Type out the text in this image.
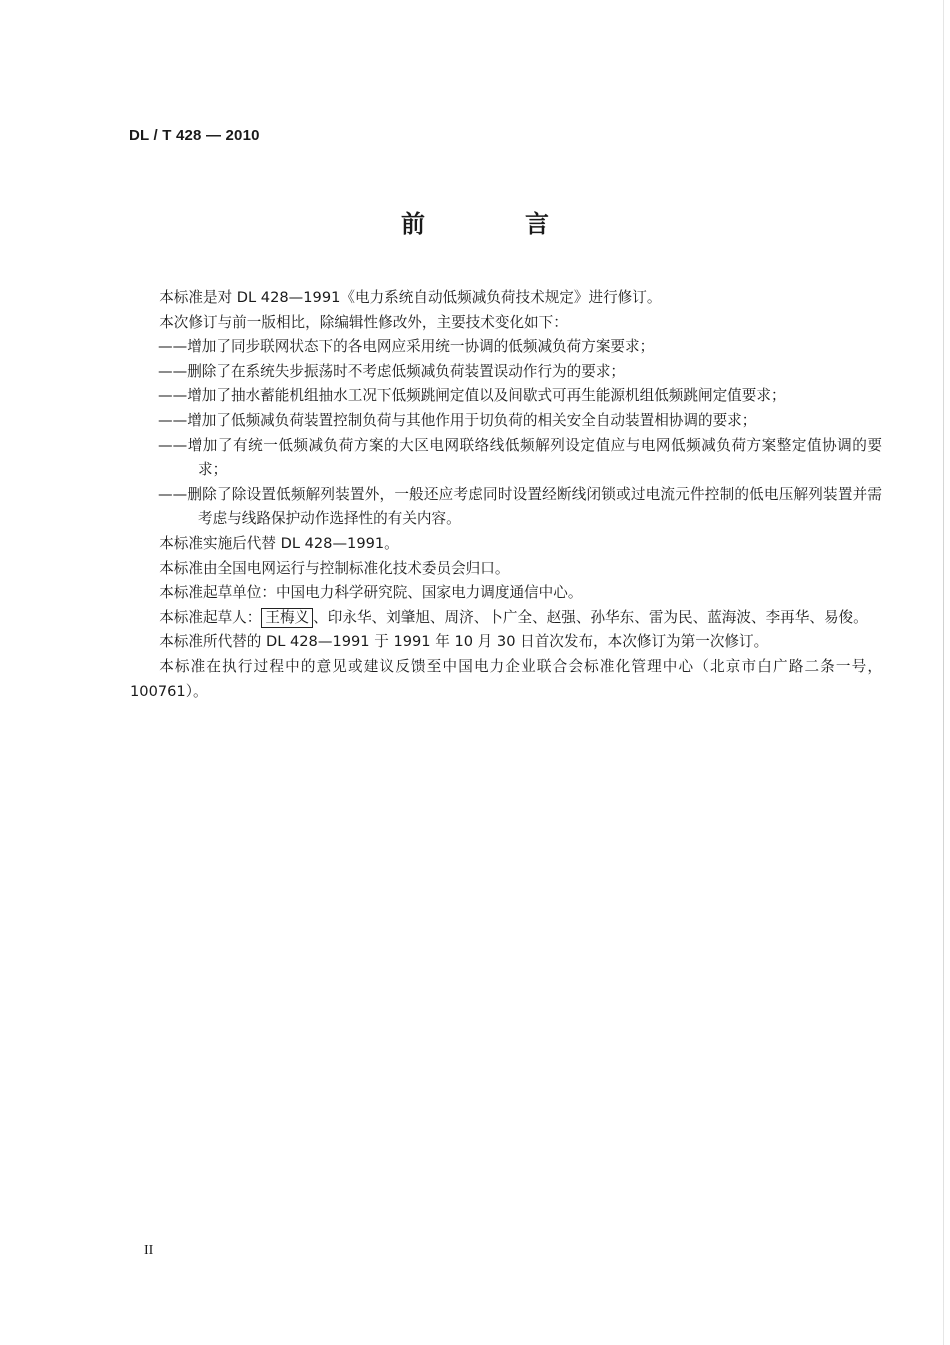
DL / T 428 — 2010
前　言

本标准是对 DL 428—1991《电力系统自动低频减负荷技术规定》进行修订。

本次修订与前一版相比，除编辑性修改外，主要技术变化如下：

——增加了同步联网状态下的各电网应采用统一协调的低频减负荷方案要求；

——删除了在系统失步振荡时不考虑低频减负荷装置误动作行为的要求；

——增加了抽水蓄能机组抽水工况下低频跳闸定值以及间歇式可再生能源机组低频跳闸定值要求；

——增加了低频减负荷装置控制负荷与其他作用于切负荷的相关安全自动装置相协调的要求；

——增加了有统一低频减负荷方案的大区电网联络线低频解列设定值应与电网低频减负荷方案整定值协调的要求；

——删除了除设置低频解列装置外，一般还应考虑同时设置经断线闭锁或过电流元件控制的低电压解列装置并需考虑与线路保护动作选择性的有关内容。

本标准实施后代替 DL 428—1991。

本标准由全国电网运行与控制标准化技术委员会归口。

本标准起草单位：中国电力科学研究院、国家电力调度通信中心。

本标准起草人： 王梅义 、印永华、刘肇旭、周济、卜广全、赵强、孙华东、雷为民、蓝海波、李再华、易俊。

本标准所代替的 DL 428—1991 于 1991 年 10 月 30 日首次发布，本次修订为第一次修订。

本标准在执行过程中的意见或建议反馈至中国电力企业联合会标准化管理中心（北京市白广路二条一号，100761）。

II
